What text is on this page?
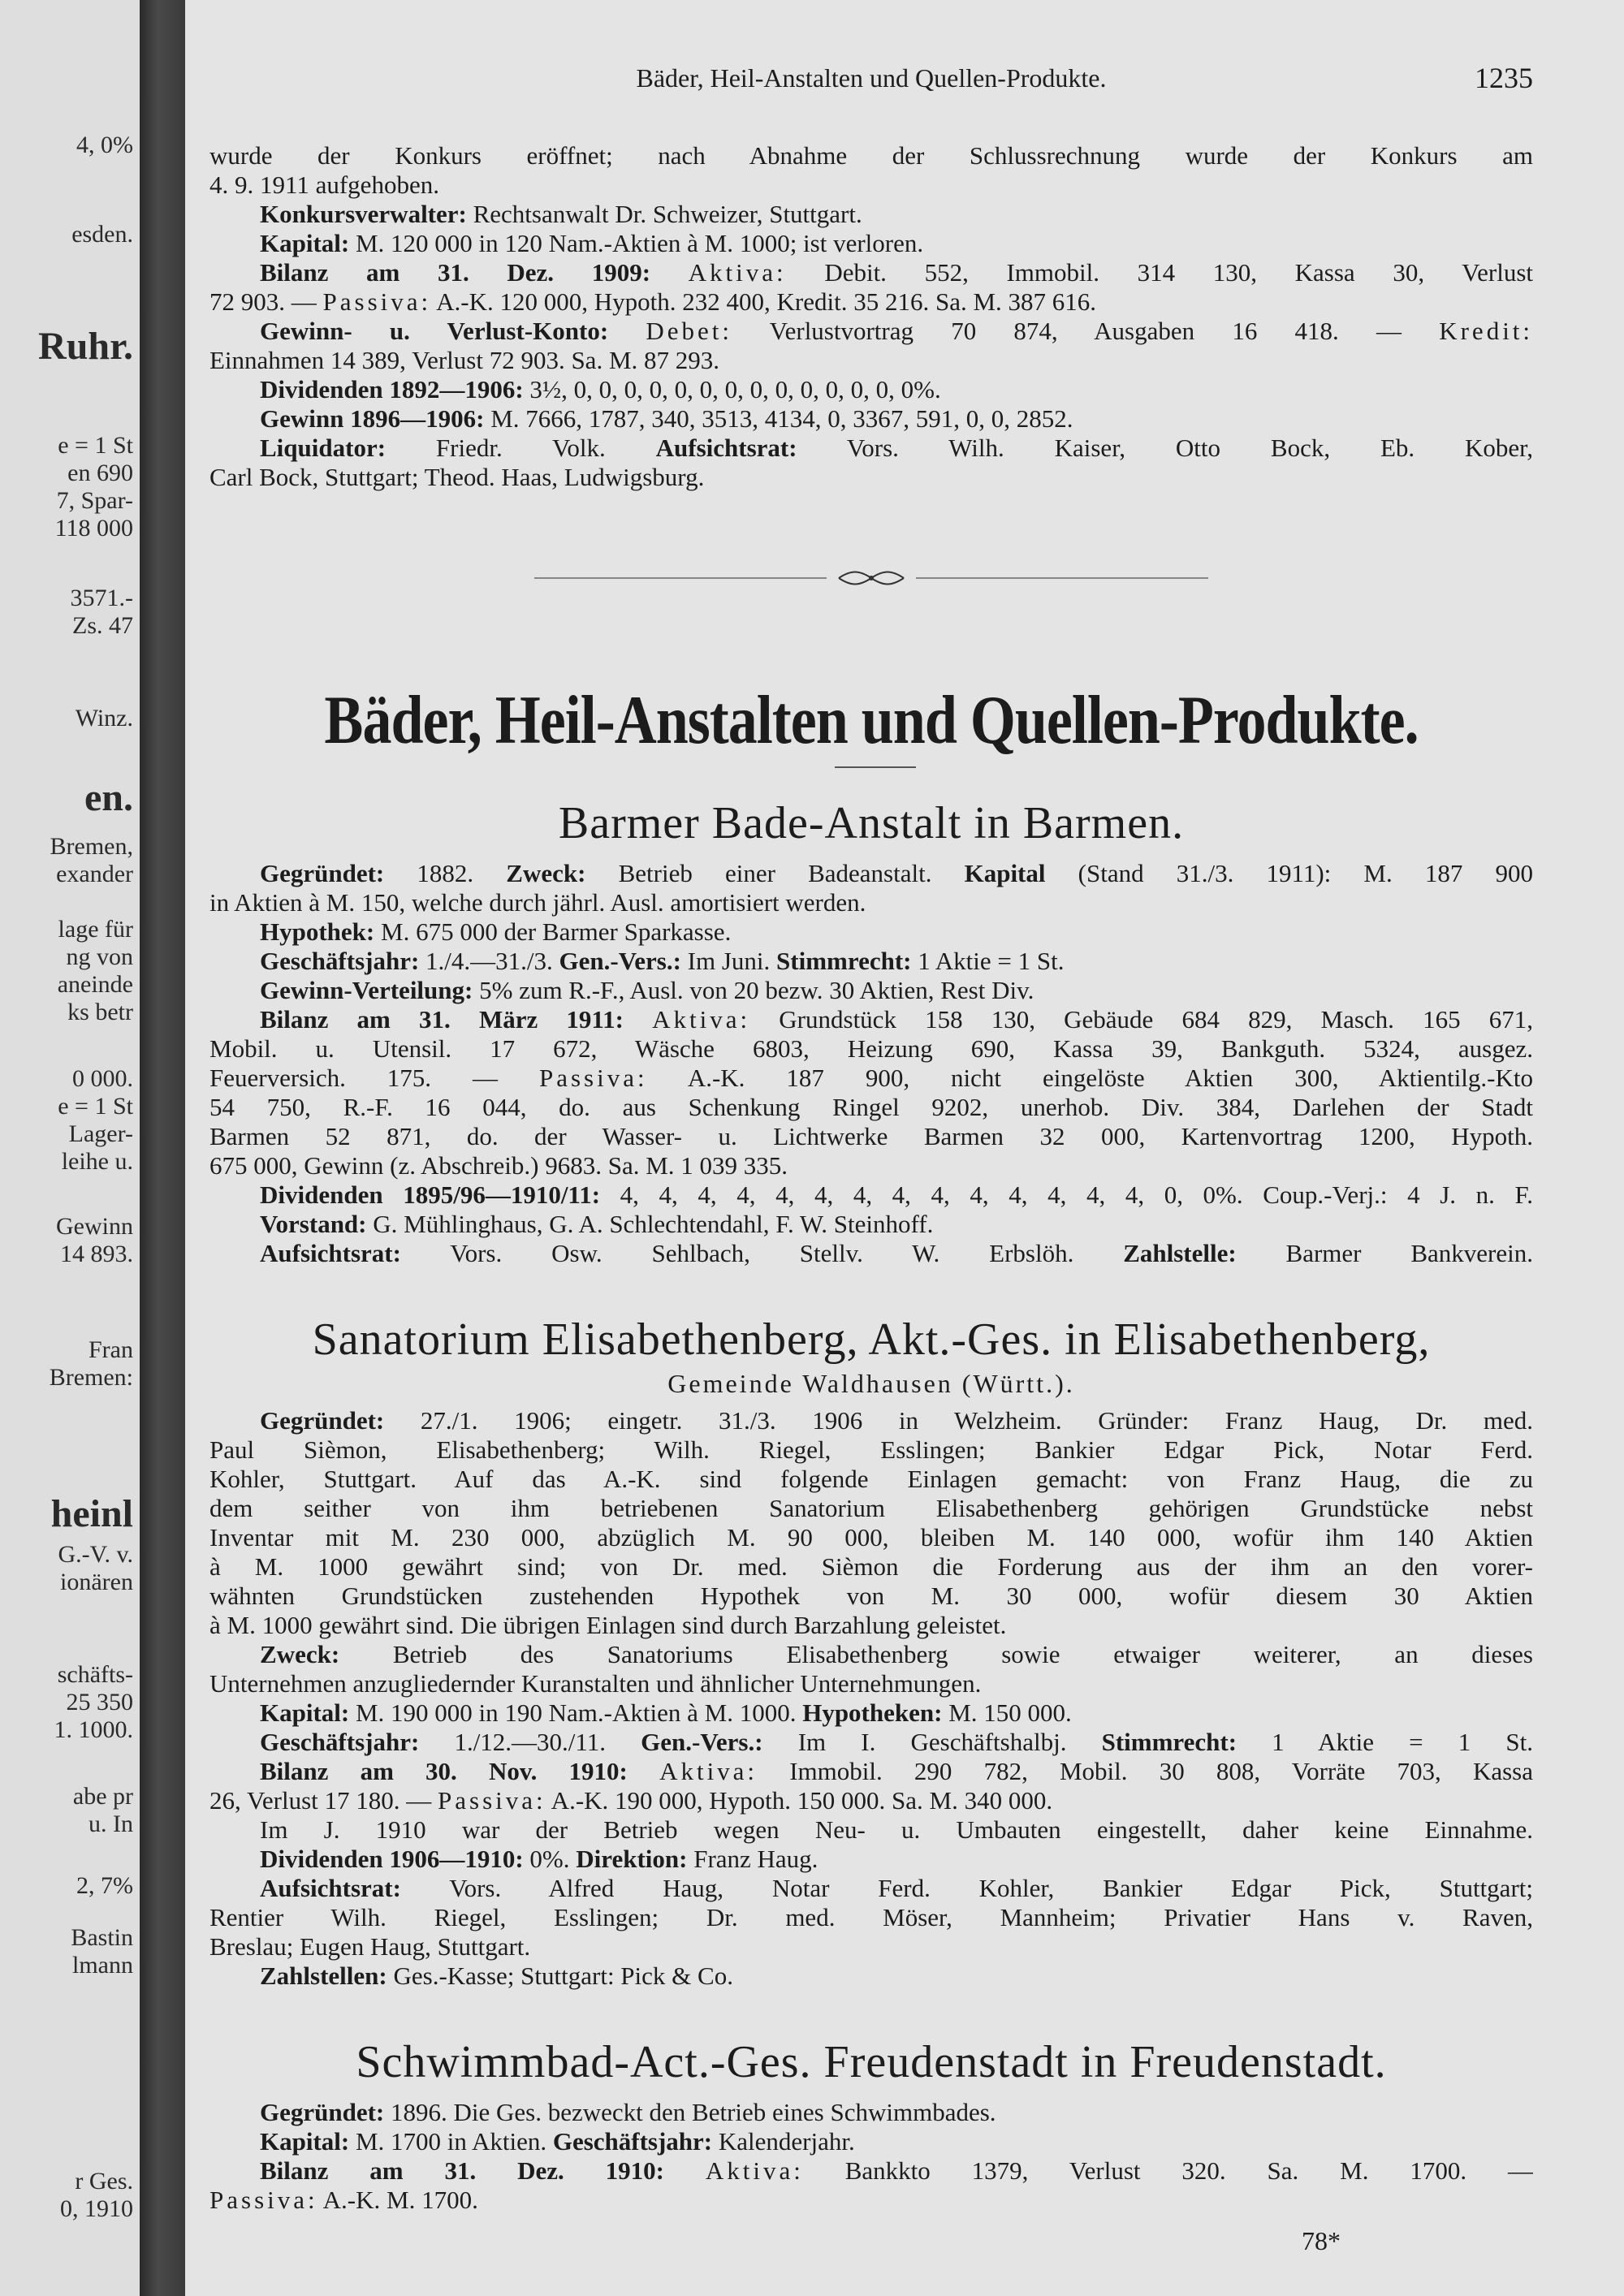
4, 0%
esden.
Ruhr.
e = 1 St
en 690
7, Spar-
118 000
3571.-
Zs. 47
Winz.
en.
Bremen,
exander
lage für
ng von
aneinde
ks betr
0 000.
e = 1 St
Lager-
leihe u.
Gewinn
14 893.
Fran
Bremen:
heinl
G.-V. v.
ionären
schäfts-
25 350
1. 1000.
abe pr
u. In
2, 7%
Bastin
lmann
r Ges.
0, 1910
Bäder, Heil-Anstalten und Quellen-Produkte.	1235
wurde der Konkurs eröffnet; nach Abnahme der Schlussrechnung wurde der Konkurs am
4. 9. 1911 aufgehoben.
Konkursverwalter: Rechtsanwalt Dr. Schweizer, Stuttgart.
Kapital: M. 120 000 in 120 Nam.-Aktien à M. 1000; ist verloren.
Bilanz am 31. Dez. 1909: Aktiva: Debit. 552, Immobil. 314 130, Kassa 30, Verlust
72 903. — Passiva: A.-K. 120 000, Hypoth. 232 400, Kredit. 35 216. Sa. M. 387 616.
Gewinn- u. Verlust-Konto: Debet: Verlustvortrag 70 874, Ausgaben 16 418. — Kredit:
Einnahmen 14 389, Verlust 72 903. Sa. M. 87 293.
Dividenden 1892—1906: 3½, 0, 0, 0, 0, 0, 0, 0, 0, 0, 0, 0, 0, 0, 0%.
Gewinn 1896—1906: M. 7666, 1787, 340, 3513, 4134, 0, 3367, 591, 0, 0, 2852.
Liquidator: Friedr. Volk. Aufsichtsrat: Vors. Wilh. Kaiser, Otto Bock, Eb. Kober,
Carl Bock, Stuttgart; Theod. Haas, Ludwigsburg.
Bäder, Heil-Anstalten und Quellen-Produkte.
Barmer Bade-Anstalt in Barmen.
Gegründet: 1882. Zweck: Betrieb einer Badeanstalt. Kapital (Stand 31./3. 1911): M. 187 900
in Aktien à M. 150, welche durch jährl. Ausl. amortisiert werden.
Hypothek: M. 675 000 der Barmer Sparkasse.
Geschäftsjahr: 1./4.—31./3. Gen.-Vers.: Im Juni. Stimmrecht: 1 Aktie = 1 St.
Gewinn-Verteilung: 5% zum R.-F., Ausl. von 20 bezw. 30 Aktien, Rest Div.
Bilanz am 31. März 1911: Aktiva: Grundstück 158 130, Gebäude 684 829, Masch. 165 671,
Mobil. u. Utensil. 17 672, Wäsche 6803, Heizung 690, Kassa 39, Bankguth. 5324, ausgez.
Feuerversich. 175. — Passiva: A.-K. 187 900, nicht eingelöste Aktien 300, Aktientilg.-Kto
54 750, R.-F. 16 044, do. aus Schenkung Ringel 9202, unerhob. Div. 384, Darlehen der Stadt
Barmen 52 871, do. der Wasser- u. Lichtwerke Barmen 32 000, Kartenvortrag 1200, Hypoth.
675 000, Gewinn (z. Abschreib.) 9683. Sa. M. 1 039 335.
Dividenden 1895/96—1910/11: 4, 4, 4, 4, 4, 4, 4, 4, 4, 4, 4, 4, 4, 4, 0, 0%. Coup.-Verj.: 4 J. n. F.
Vorstand: G. Mühlinghaus, G. A. Schlechtendahl, F. W. Steinhoff.
Aufsichtsrat: Vors. Osw. Sehlbach, Stellv. W. Erbslöh. Zahlstelle: Barmer Bankverein.
Sanatorium Elisabethenberg, Akt.-Ges. in Elisabethenberg,
Gemeinde Waldhausen (Württ.).
Gegründet: 27./1. 1906; eingetr. 31./3. 1906 in Welzheim. Gründer: Franz Haug, Dr. med.
Paul Sièmon, Elisabethenberg; Wilh. Riegel, Esslingen; Bankier Edgar Pick, Notar Ferd.
Kohler, Stuttgart. Auf das A.-K. sind folgende Einlagen gemacht: von Franz Haug, die zu
dem seither von ihm betriebenen Sanatorium Elisabethenberg gehörigen Grundstücke nebst
Inventar mit M. 230 000, abzüglich M. 90 000, bleiben M. 140 000, wofür ihm 140 Aktien
à M. 1000 gewährt sind; von Dr. med. Sièmon die Forderung aus der ihm an den vorer-
wähnten Grundstücken zustehenden Hypothek von M. 30 000, wofür diesem 30 Aktien
à M. 1000 gewährt sind. Die übrigen Einlagen sind durch Barzahlung geleistet.
Zweck: Betrieb des Sanatoriums Elisabethenberg sowie etwaiger weiterer, an dieses
Unternehmen anzugliedernder Kuranstalten und ähnlicher Unternehmungen.
Kapital: M. 190 000 in 190 Nam.-Aktien à M. 1000. Hypotheken: M. 150 000.
Geschäftsjahr: 1./12.—30./11. Gen.-Vers.: Im I. Geschäftshalbj. Stimmrecht: 1 Aktie = 1 St.
Bilanz am 30. Nov. 1910: Aktiva: Immobil. 290 782, Mobil. 30 808, Vorräte 703, Kassa
26, Verlust 17 180. — Passiva: A.-K. 190 000, Hypoth. 150 000. Sa. M. 340 000.
Im J. 1910 war der Betrieb wegen Neu- u. Umbauten eingestellt, daher keine Einnahme.
Dividenden 1906—1910: 0%. Direktion: Franz Haug.
Aufsichtsrat: Vors. Alfred Haug, Notar Ferd. Kohler, Bankier Edgar Pick, Stuttgart;
Rentier Wilh. Riegel, Esslingen; Dr. med. Möser, Mannheim; Privatier Hans v. Raven,
Breslau; Eugen Haug, Stuttgart.
Zahlstellen: Ges.-Kasse; Stuttgart: Pick & Co.
Schwimmbad-Act.-Ges. Freudenstadt in Freudenstadt.
Gegründet: 1896. Die Ges. bezweckt den Betrieb eines Schwimmbades.
Kapital: M. 1700 in Aktien. Geschäftsjahr: Kalenderjahr.
Bilanz am 31. Dez. 1910: Aktiva: Bankkto 1379, Verlust 320. Sa. M. 1700. —
Passiva: A.-K. M. 1700.
78*
